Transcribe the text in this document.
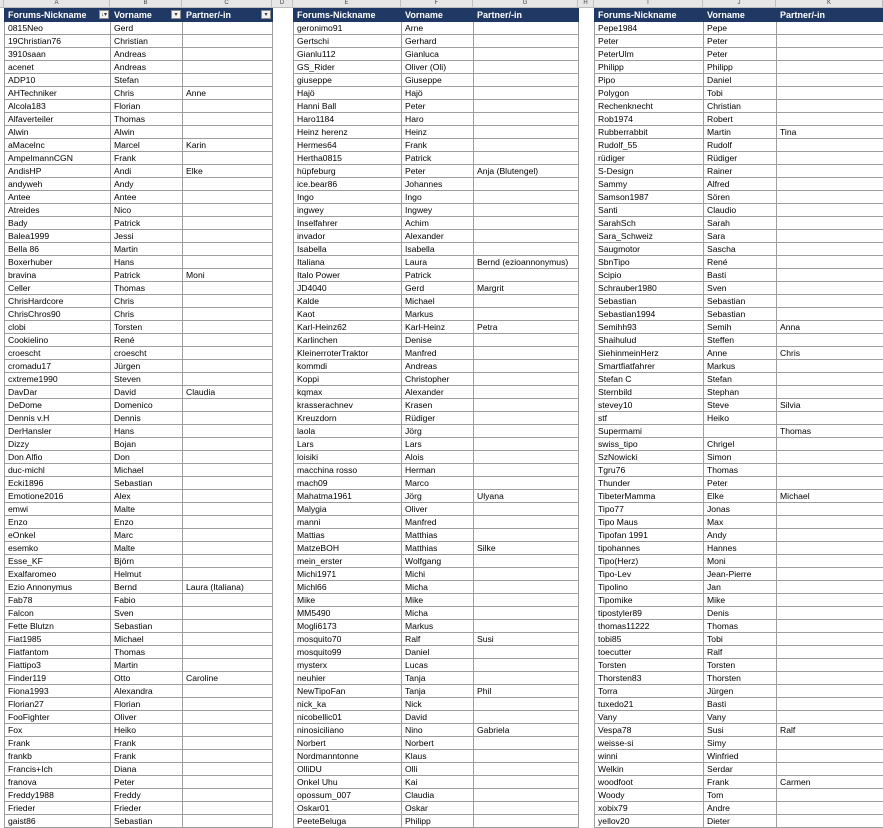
A	B	C	D	E	F	G	H	I	J	K
Forums-Nickname ↓▾	Vorname ▾	Partner/-in ▾

0815Neo	Gerd	
19Christian76	Christian	
3910saan	Andreas	
acenet	Andreas	
ADP10	Stefan	
AHTechniker	Chris	Anne
Alcola183	Florian	
Alfaverteiler	Thomas	
Alwin	Alwin	
aMacelnc	Marcel	Karin
AmpelmannCGN	Frank	
AndisHP	Andi	Elke
andyweh	Andy	
Antee	Antee	
Atreides	Nico	
Bady	Patrick	
Balea1999	Jessi	
Bella 86	Martin	
Boxerhuber	Hans	
bravina	Patrick	Moni
Celler	Thomas	
ChrisHardcore	Chris	
ChrisChros90	Chris	
clobi	Torsten	
Cookielino	René	
croescht	croescht	
cromadu17	Jürgen	
cxtreme1990	Steven	
DavDar	David	Claudia
DeDome	Domenico	
Dennis v.H	Dennis	
DerHansler	Hans	
Dizzy	Bojan	
Don Alfio	Don	
duc-michl	Michael	
Ecki1896	Sebastian	
Emotione2016	Alex	
emwi	Malte	
Enzo	Enzo	
eOnkel	Marc	
esemko	Malte	
Esse_KF	Björn	
Exalfaromeo	Helmut	
Ezio Annonymus	Bernd	Laura (Italiana)
Fab78	Fabio	
Falcon	Sven	
Fette Blutzn	Sebastian	
Fiat1985	Michael	
Fiatfantom	Thomas	
Fiattipo3	Martin	
Finder119	Otto	Caroline
Fiona1993	Alexandra	
Florian27	Florian	
FooFighter	Oliver	
Fox	Heiko	
Frank	Frank	
frankb	Frank	
Francis+Ich	Diana	
franova	Peter	
Freddy1988	Freddy	
Frieder	Frieder	
gaist86	Sebastian	
Forums-Nickname	Vorname	Partner/-in
geronimo91	Arne	
Gertschi	Gerhard	
Gianlu112	Gianluca	
GS_Rider	Oliver (Oli)	
giuseppe	Giuseppe	
Hajö	Hajö	
Hanni Ball	Peter	
Haro1184	Haro	
Heinz herenz	Heinz	
Hermes64	Frank	
Hertha0815	Patrick	
hüpfeburg	Peter	Anja (Blutengel)
ice.bear86	Johannes	
Ingo	Ingo	
ingwey	Ingwey	
Inselfahrer	Achim	
invador	Alexander	
Isabella	Isabella	
Italiana	Laura	Bernd (ezioannonymus)
Italo Power	Patrick	
JD4040	Gerd	Margrit
Kalde	Michael	
Kaot	Markus	
Karl-Heinz62	Karl-Heinz	Petra
Karlinchen	Denise	
KleinerroterTraktor	Manfred	
kommdi	Andreas	
Koppi	Christopher	
kqmax	Alexander	
krasserachnev	Krasen	
Kreuzdorn	Rüdiger	
laola	Jörg	
Lars	Lars	
loisiki	Alois	
macchina rosso	Herman	
mach09	Marco	
Mahatma1961	Jörg	Ulyana
Malygia	Oliver	
manni	Manfred	
Mattias	Matthias	
MatzeBOH	Matthias	Silke
mein_erster	Wolfgang	
Michi1971	Michi	
Michl66	Micha	
Mike	Mike	
MM5490	Micha	
Mogli6173	Markus	
mosquito70	Ralf	Susi
mosquito99	Daniel	
mysterx	Lucas	
neuhier	Tanja	
NewTipoFan	Tanja	Phil
nick_ka	Nick	
nicobellic01	David	
ninosiciliano	Nino	Gabriela
Norbert	Norbert	
Nordmanntonne	Klaus	
OlliDU	Olli	
Onkel Uhu	Kai	
opossum_007	Claudia	
Oskar01	Oskar	
PeeteBeluga	Philipp	
Forums-Nickname	Vorname	Partner/-in
Pepe1984	Pepe	
Peter	Peter	
PeterUlm	Peter	
Philipp	Philipp	
Pipo	Daniel	
Polygon	Tobi	
Rechenknecht	Christian	
Rob1974	Robert	
Rubberrabbit	Martin	Tina
Rudolf_55	Rudolf	
rüdiger	Rüdiger	
S-Design	Rainer	
Sammy	Alfred	
Samson1987	Sören	
Santi	Claudio	
SarahSch	Sarah	
Sara_Schweiz	Sara	
Saugmotor	Sascha	
SbnTipo	René	
Scipio	Basti	
Schrauber1980	Sven	
Sebastian	Sebastian	
Sebastian1994	Sebastian	
Semihh93	Semih	Anna
Shaihulud	Steffen	
SiehinmeinHerz	Anne	Chris
Smartfiatfahrer	Markus	
Stefan C	Stefan	
Sternbild	Stephan	
stevey10	Steve	Silvia
stf	Heiko	
Supermami		Thomas
swiss_tipo	Chrigel	
SzNowicki	Simon	
Tgru76	Thomas	
Thunder	Peter	
TibeterMamma	Elke	Michael
Tipo77	Jonas	
Tipo Maus	Max	
Tipofan 1991	Andy	
tipohannes	Hannes	
Tipo(Herz)	Moni	
Tipo-Lev	Jean-Pierre	
Tipolino	Jan	
Tipomike	Mike	
tipostyler89	Denis	
thomas11222	Thomas	
tobi85	Tobi	
toecutter	Ralf	
Torsten	Torsten	
Thorsten83	Thorsten	
Torra	Jürgen	
tuxedo21	Basti	
Vany	Vany	
Vespa78	Susi	Ralf
weisse-si	Simy	
winni	Winfried	
Welkin	Serdar	
woodfoot	Frank	Carmen
Woody	Tom	
xobix79	Andre	
yellov20	Dieter	
